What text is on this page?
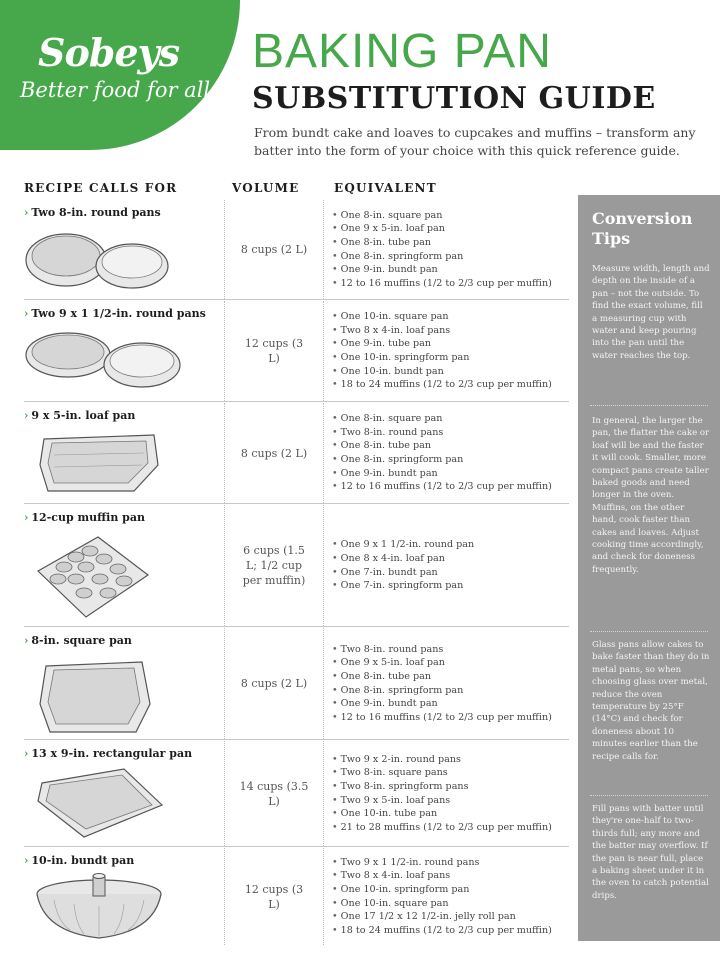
Sobeys
Better food for all.
BAKING PAN
SUBSTITUTION GUIDE
From bundt cake and loaves to cupcakes and muffins – transform any batter into the form of your choice with this quick reference guide.
RECIPE CALLS FOR	VOLUME	EQUIVALENT
› Two 8-in. round pans
8 cups (2 L)
• One 8-in. square pan
• One 9 x 5-in. loaf pan
• One 8-in. tube pan
• One 8-in. springform pan
• One 9-in. bundt pan
• 12 to 16 muffins (1/2 to 2/3 cup per muffin)
› Two 9 x 1 1/2-in. round pans
12 cups (3 L)
• One 10-in. square pan
• Two 8 x 4-in. loaf pans
• One 9-in. tube pan
• One 10-in. springform pan
• One 10-in. bundt pan
• 18 to 24 muffins (1/2 to 2/3 cup per muffin)
› 9 x 5-in. loaf pan
8 cups (2 L)
• One 8-in. square pan
• Two 8-in. round pans
• One 8-in. tube pan
• One 8-in. springform pan
• One 9-in. bundt pan
• 12 to 16 muffins (1/2 to 2/3 cup per muffin)
› 12-cup muffin pan
6 cups (1.5 L; 1/2 cup per muffin)
• One 9 x 1 1/2-in. round pan
• One 8 x 4-in. loaf pan
• One 7-in. bundt pan
• One 7-in. springform pan
› 8-in. square pan
8 cups (2 L)
• Two 8-in. round pans
• One 9 x 5-in. loaf pan
• One 8-in. tube pan
• One 8-in. springform pan
• One 9-in. bundt pan
• 12 to 16 muffins (1/2 to 2/3 cup per muffin)
› 13 x 9-in. rectangular pan
14 cups (3.5 L)
• Two 9 x 2-in. round pans
• Two 8-in. square pans
• Two 8-in. springform pans
• Two 9 x 5-in. loaf pans
• One 10-in. tube pan
• 21 to 28 muffins (1/2 to 2/3 cup per muffin)
› 10-in. bundt pan
12 cups (3 L)
• Two 9 x 1 1/2-in. round pans
• Two 8 x 4-in. loaf pans
• One 10-in. springform pan
• One 10-in. square pan
• One 17 1/2 x 12 1/2-in. jelly roll pan
• 18 to 24 muffins (1/2 to 2/3 cup per muffin)
Conversion Tips
Measure width, length and depth on the inside of a pan – not the outside. To find the exact volume, fill a measuring cup with water and keep pouring into the pan until the water reaches the top.
In general, the larger the pan, the flatter the cake or loaf will be and the faster it will cook. Smaller, more compact pans create taller baked goods and need longer in the oven. Muffins, on the other hand, cook faster than cakes and loaves. Adjust cooking time accordingly, and check for doneness frequently.
Glass pans allow cakes to bake faster than they do in metal pans, so when choosing glass over metal, reduce the oven temperature by 25°F (14°C) and check for doneness about 10 minutes earlier than the recipe calls for.
Fill pans with batter until they're one-half to two-thirds full; any more and the batter may overflow. If the pan is near full, place a baking sheet under it in the oven to catch potential drips.
